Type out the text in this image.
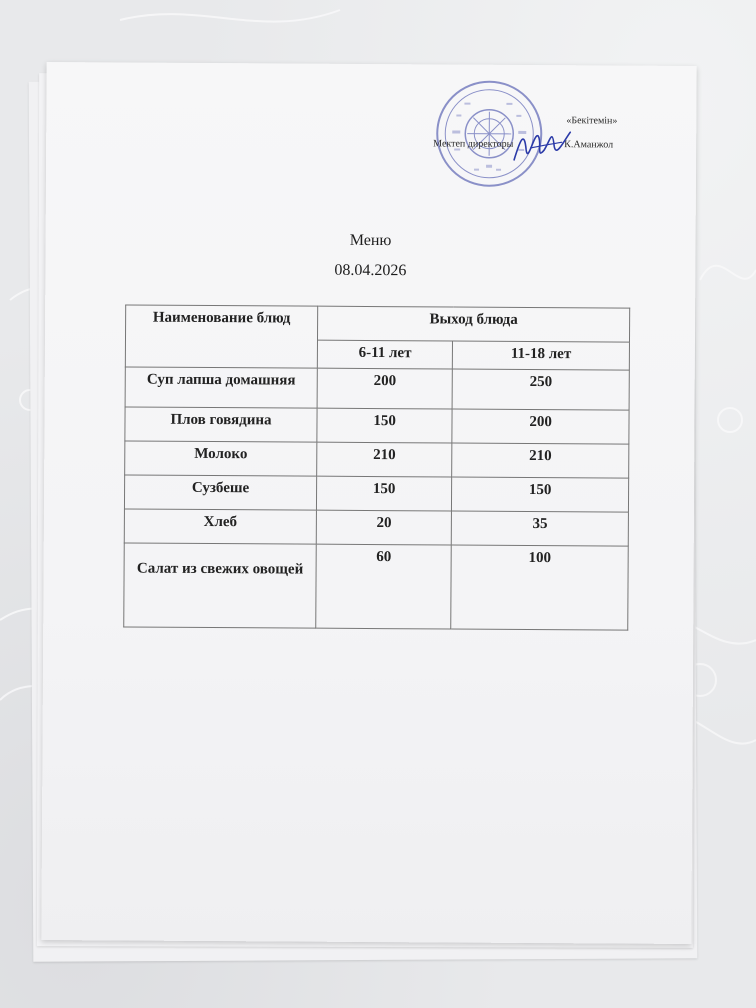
«Бекітемін»
Мектеп директоры	К.Аманжол
Меню
08.04.2026
Наименование блюд	Выход блюда	
	6-11 лет	11-18 лет
Суп лапша домашняя	200	250
Плов говядина	150	200
Молоко	210	210
Сузбеше	150	150
Хлеб	20	35
Салат из свежих овощей	60	100
